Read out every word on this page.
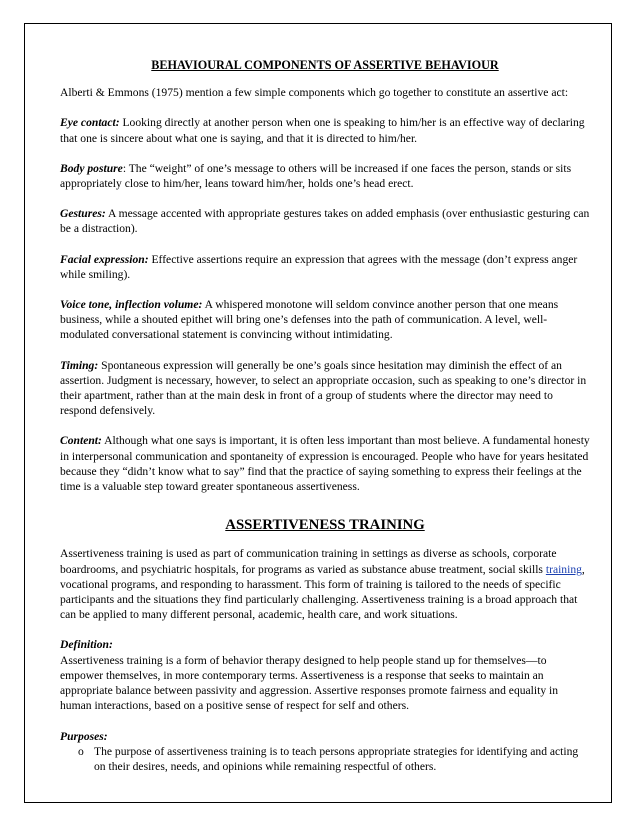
BEHAVIOURAL COMPONENTS OF ASSERTIVE BEHAVIOUR

Alberti & Emmons (1975) mention a few simple components which go together to constitute an assertive act:

Eye contact: Looking directly at another person when one is speaking to him/her is an effective way of declaring that one is sincere about what one is saying, and that it is directed to him/her.

Body posture: The “weight” of one’s message to others will be increased if one faces the person, stands or sits appropriately close to him/her, leans toward him/her, holds one’s head erect.

Gestures: A message accented with appropriate gestures takes on added emphasis (over enthusiastic gesturing can be a distraction).

Facial expression: Effective assertions require an expression that agrees with the message (don’t express anger while smiling).

Voice tone, inflection volume: A whispered monotone will seldom convince another person that one means business, while a shouted epithet will bring one’s defenses into the path of communication. A level, well-modulated conversational statement is convincing without intimidating.

Timing: Spontaneous expression will generally be one’s goals since hesitation may diminish the effect of an assertion. Judgment is necessary, however, to select an appropriate occasion, such as speaking to one’s director in their apartment, rather than at the main desk in front of a group of students where the director may need to respond defensively.

Content: Although what one says is important, it is often less important than most believe. A fundamental honesty in interpersonal communication and spontaneity of expression is encouraged. People who have for years hesitated because they “didn’t know what to say” find that the practice of saying something to express their feelings at the time is a valuable step toward greater spontaneous assertiveness.

ASSERTIVENESS TRAINING

Assertiveness training is used as part of communication training in settings as diverse as schools, corporate boardrooms, and psychiatric hospitals, for programs as varied as substance abuse treatment, social skills training, vocational programs, and responding to harassment. This form of training is tailored to the needs of specific participants and the situations they find particularly challenging. Assertiveness training is a broad approach that can be applied to many different personal, academic, health care, and work situations.

Definition:
Assertiveness training is a form of behavior therapy designed to help people stand up for themselves—to empower themselves, in more contemporary terms. Assertiveness is a response that seeks to maintain an appropriate balance between passivity and aggression. Assertive responses promote fairness and equality in human interactions, based on a positive sense of respect for self and others.

Purposes:
o The purpose of assertiveness training is to teach persons appropriate strategies for identifying and acting on their desires, needs, and opinions while remaining respectful of others.
